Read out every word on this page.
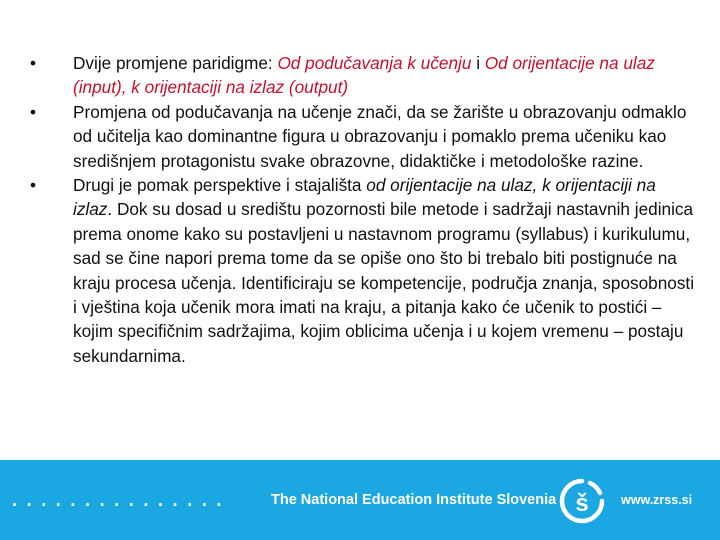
•	Dvije promjene paridigme: Od podučavanja k učenju i Od orijentacije na ulaz (input), k orijentaciji na izlaz (output)
•	Promjena od podučavanja na učenje znači, da se žarište u obrazovanju odmaklo od učitelja kao dominantne figura u obrazovanju i pomaklo prema učeniku kao središnjem protagonistu svake obrazovne, didaktičke i metodološke razine.
•	Drugi je pomak perspektive i stajališta od orijentacije na ulaz, k orijentaciji na izlaz. Dok su dosad u središtu pozornosti bile metode i sadržaji nastavnih jedinica prema onome kako su postavljeni u nastavnom programu (syllabus) i kurikulumu, sad se čine napori prema tome da se opiše ono što bi trebalo biti postignuće na kraju procesa učenja. Identificiraju se kompetencije, područja znanja, sposobnosti i vještina koja učenik mora imati na kraju, a pitanja kako će učenik to postići – kojim specifičnim sadržajima, kojim oblicima učenja i u kojem vremenu – postaju sekundarnima.
...............	The National Education Institute Slovenia š	www.zrss.si
